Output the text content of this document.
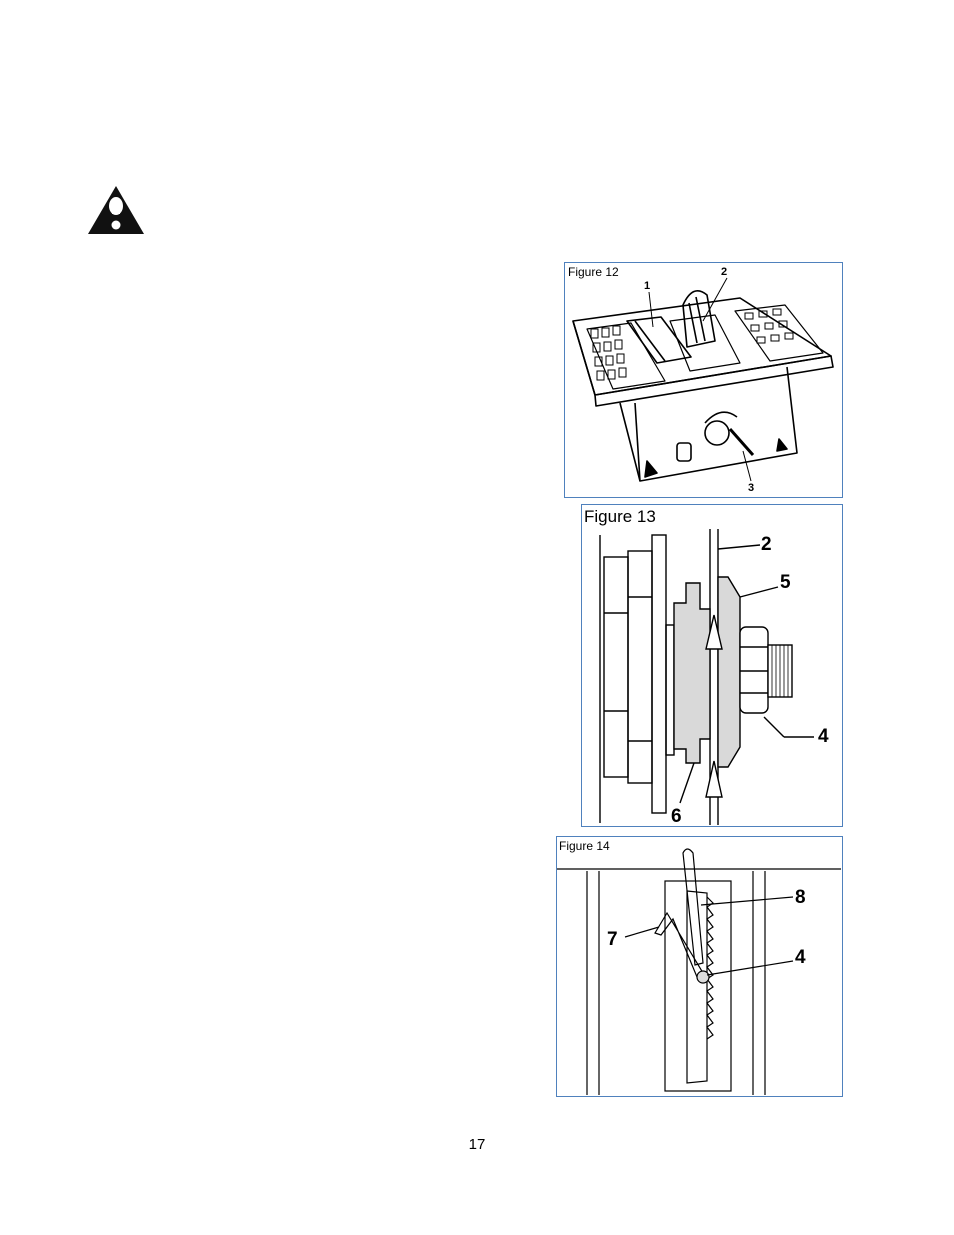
Figure 12
1
2
3
Figure 13
2
5
4
6
Figure 14
8
7
4
17
